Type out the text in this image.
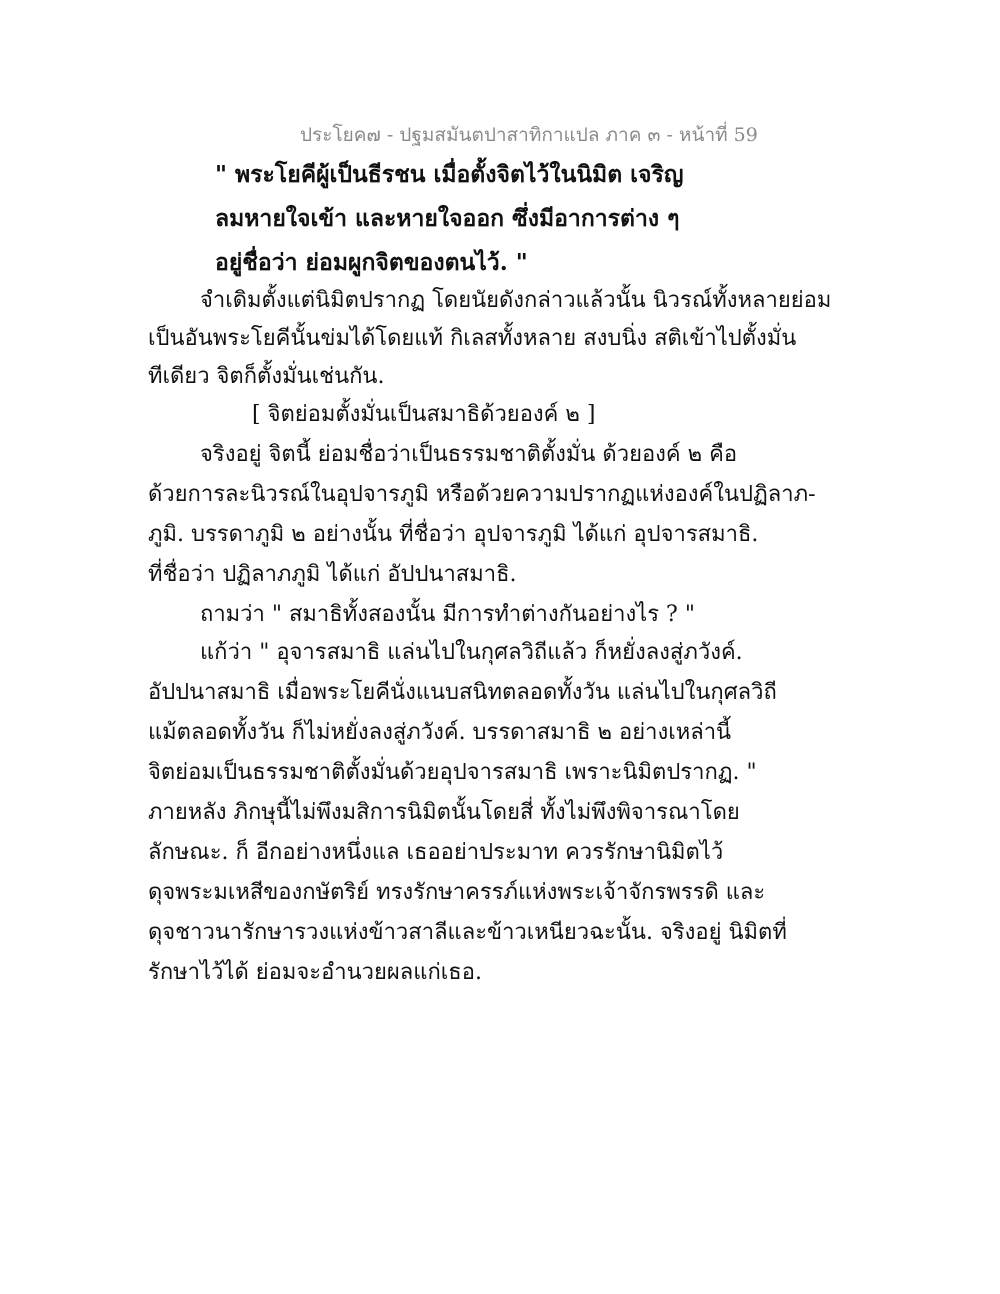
ประโยค๗ - ปฐมสมันตปาสาทิกาแปล ภาค ๓ - หน้าที่ 59
" พระโยคีผู้เป็นธีรชน เมื่อตั้งจิตไว้ในนิมิต เจริญ
ลมหายใจเข้า และหายใจออก ซึ่งมีอาการต่าง ๆ
อยู่ชื่อว่า ย่อมผูกจิตของตนไว้. "
จำเดิมตั้งแต่นิมิตปรากฏ โดยนัยดังกล่าวแล้วนั้น นิวรณ์ทั้งหลายย่อม
เป็นอันพระโยคีนั้นข่มได้โดยแท้ กิเลสทั้งหลาย สงบนิ่ง สติเข้าไปตั้งมั่น
ทีเดียว จิตก็ตั้งมั่นเช่นกัน.
[ จิตย่อมตั้งมั่นเป็นสมาธิด้วยองค์ ๒ ]
จริงอยู่ จิตนี้ ย่อมชื่อว่าเป็นธรรมชาติตั้งมั่น ด้วยองค์ ๒ คือ
ด้วยการละนิวรณ์ในอุปจารภูมิ หรือด้วยความปรากฏแห่งองค์ในปฏิลาภ-
ภูมิ. บรรดาภูมิ ๒ อย่างนั้น ที่ชื่อว่า อุปจารภูมิ ได้แก่ อุปจารสมาธิ.
ที่ชื่อว่า ปฏิลาภภูมิ ได้แก่ อัปปนาสมาธิ.
ถามว่า " สมาธิทั้งสองนั้น มีการทำต่างกันอย่างไร ? "
แก้ว่า " อุจารสมาธิ แล่นไปในกุศลวิถีแล้ว ก็หยั่งลงสู่ภวังค์.
อัปปนาสมาธิ เมื่อพระโยคีนั่งแนบสนิทตลอดทั้งวัน แล่นไปในกุศลวิถี
แม้ตลอดทั้งวัน ก็ไม่หยั่งลงสู่ภวังค์. บรรดาสมาธิ ๒ อย่างเหล่านี้
จิตย่อมเป็นธรรมชาติตั้งมั่นด้วยอุปจารสมาธิ เพราะนิมิตปรากฏ. "
ภายหลัง ภิกษุนี้ไม่พึงมสิการนิมิตนั้นโดยสี่ ทั้งไม่พึงพิจารณาโดย
ลักษณะ. ก็ อีกอย่างหนึ่งแล เธออย่าประมาท ควรรักษานิมิตไว้
ดุจพระมเหสีของกษัตริย์ ทรงรักษาครรภ์แห่งพระเจ้าจักรพรรดิ และ
ดุจชาวนารักษารวงแห่งข้าวสาลีและข้าวเหนียวฉะนั้น. จริงอยู่ นิมิตที่
รักษาไว้ได้ ย่อมจะอำนวยผลแก่เธอ.
